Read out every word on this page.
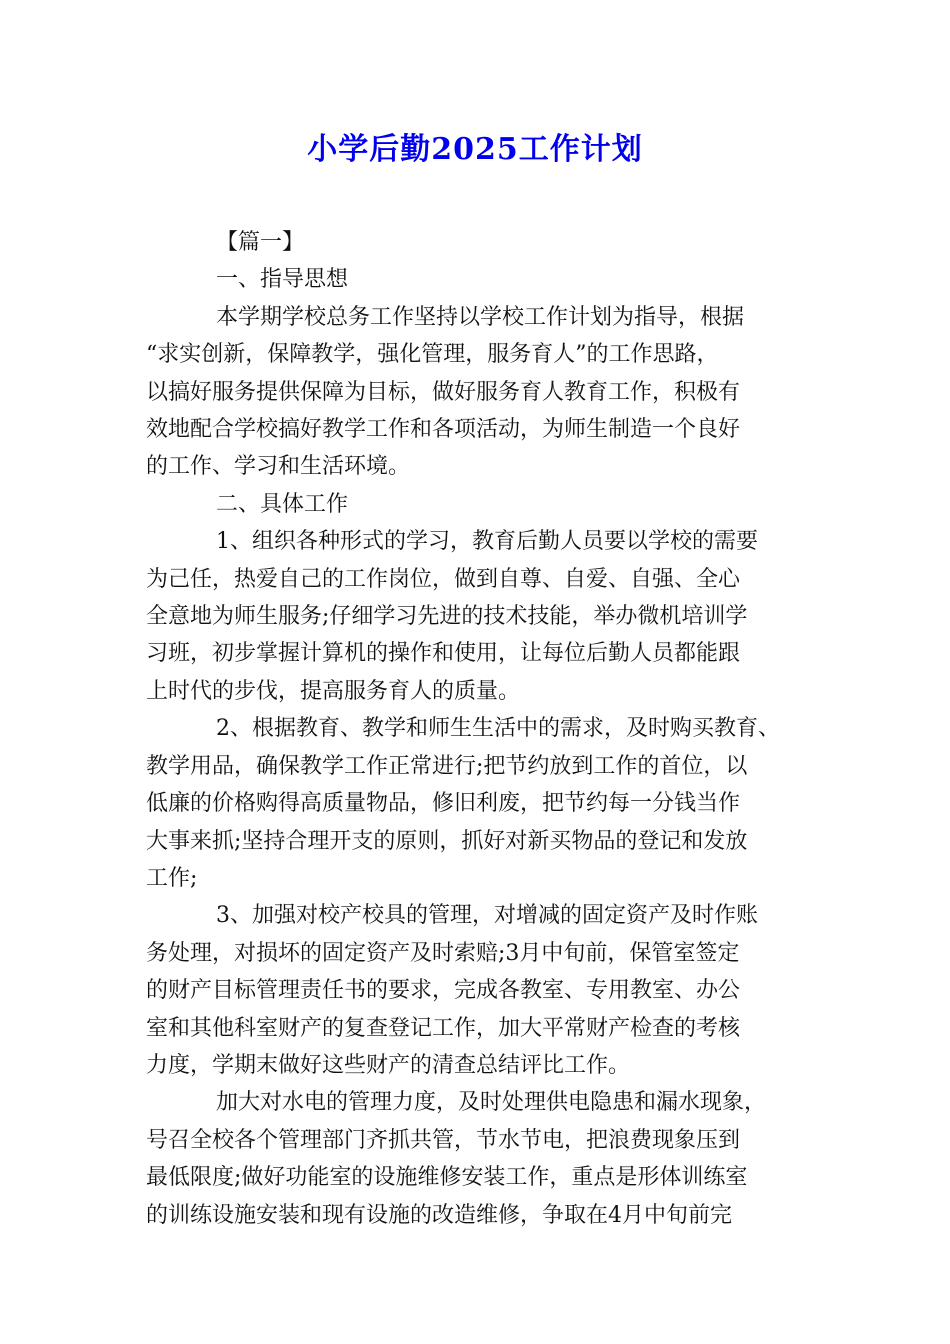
小学后勤2025工作计划

【篇一】

一、指导思想

本学期学校总务工作坚持以学校工作计划为指导，根据

“求实创新，保障教学，强化管理，服务育人”的工作思路，

以搞好服务提供保障为目标，做好服务育人教育工作，积极有

效地配合学校搞好教学工作和各项活动，为师生制造一个良好

的工作、学习和生活环境。

二、具体工作

1、组织各种形式的学习，教育后勤人员要以学校的需要

为己任，热爱自己的工作岗位，做到自尊、自爱、自强、全心

全意地为师生服务;仔细学习先进的技术技能，举办微机培训学

习班，初步掌握计算机的操作和使用，让每位后勤人员都能跟

上时代的步伐，提高服务育人的质量。

2、根据教育、教学和师生生活中的需求，及时购买教育、

教学用品，确保教学工作正常进行;把节约放到工作的首位，以

低廉的价格购得高质量物品，修旧利废，把节约每一分钱当作

大事来抓;坚持合理开支的原则，抓好对新买物品的登记和发放

工作;

3、加强对校产校具的管理，对增减的固定资产及时作账

务处理，对损坏的固定资产及时索赔;3月中旬前，保管室签定

的财产目标管理责任书的要求，完成各教室、专用教室、办公

室和其他科室财产的复查登记工作，加大平常财产检查的考核

力度，学期末做好这些财产的清查总结评比工作。

加大对水电的管理力度，及时处理供电隐患和漏水现象，

号召全校各个管理部门齐抓共管，节水节电，把浪费现象压到

最低限度;做好功能室的设施维修安装工作，重点是形体训练室

的训练设施安装和现有设施的改造维修，争取在4月中旬前完
